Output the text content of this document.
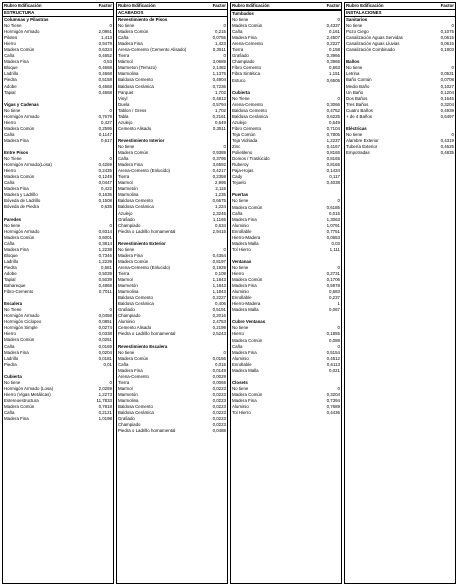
Rubro Edificación	Factor
ESTRUCTURA
Columnas y Pilastras
No Tiene	0
Hormigón Armado	2,0961
Pilotes	1,413
Hierro	0,9479
Madera Común	0,6324
Caña	0,4652
Madera Fina	0,53
Bloque	0,4668
Ladrillo	0,4668
Piedra	0,5158
Adobe	0,4668
Tapial	0,4668
Vigas y Cadenas
No tiene	0
Hormigón Armado	0,7679
Hierro	0,427
Madera Común	0,2595
Caña	0,1147
Madera Fina	0,617
Entre Pisos
No Tiene	0
Hormigón Armado(Losa)	0,4269
Hierro	0,2435
Madera Común	0,1249
Caña	0,0447
Madera Fina	0,422
Madera y Ladrillo	0,1635
Bóveda de Ladrillo	0,1508
Bóveda de Piedra	0,635
Paredes
No tiene	0
Hormigón Armado	0,9314
Madera Común	0,6001
Caña	0,3814
Madera Fina	1,2238
Bloque	0,7346
Ladrillo	1,2239
Piedra	0,681
Adobe	0,5039
Tapial	0,5039
Bahareque	0,4868
Fibro-Cemento	0,7011
Escalera
No Tiene	0
Hormigón Armado	0,0458
Hormigón Ciclopeo	0,0851
Hormigón Simple	0,0274
Hierro	0,0338
Madera Común	0,0251
Caña	0,0169
Madera Fina	0,0204
Ladrillo	0,0181
Piedra	0,01
Cubierta
No tiene	0
Hormigón Armado (Losa)	2,0259
Hierro (Vigas Metálicas)	1,2273
Estereoestructura	11,7833
Madera Común	0,7818
Caña	0,2121
Madera Fina	1,0198
Rubro Edificación	Factor
ACABADOS
Revestimiento de Pisos
No tiene	0
Madera Común	0,215
Caña	0,0755
Madera Fina	1,423
Arena-Cemento (Cemento Alisado)	0,3511
Tierra	0
Mármol	3,0689
Marmeton (Terrazo)	2,1482
Marmolina	1,1375
Baldosa Cemento	0,4904
Baldosa Cerámica	0,7236
Parquet	1,702
Vinyl	0,4812
Duela	0,5794
Tablon / Gress	1,702
Tabla	0,2161
Azulejo	0,649
Cemento Alisado	0,3511
Revestimiento Interior
No tiene	0
Madera Común	0,9389
Caña	0,3795
Madera Fina	3,6592
Arena-Cemento (Enlucido)	0,4217
Tierra	0,2359
Marmol	2,995
Marmetón	2,115
Marmolina	1,235
Baldosa Cemento	0,6675
Baldosa Cerámica	1,224
Azulejo	2,3245
Grafiado	1,1165
Champiado	0,634
Piedra o Ladrillo hornamental	2,9415
Revestimiento Exterior
No tiene	0
Madera Fina	0,4354
Madera Común	0,8197
Arena-Cemento (Enlucido)	0,1929
Tierra	0,109
Marmol	1,1843
Marmetón	1,1843
Marmolina	1,1843
Baldosa Cemento	0,2227
Baldosa Cerámica	0,406
Grafiado	0,5191
Champiado	0,2016
Aluminio	2,4753
Cemento Alisado	0,2199
Piedra o Ladrillo hornamental	2,5243
Revestimiento Escalera
No tiene	0
Madera Común	0,0156
Caña	0,015
Madera Fina	0,0149
Arena-Cemento	0,0029
Tierra	0,0069
Marmol	0,0223
Marmetón	0,0223
Marmolina	0,0223
Baldosa Cemento	0,0223
Baldosa Cerámica	0,0223
Grafiado	0,0223
Champiado	0,0223
Piedra o Ladrillo hornamental	0,0488
Rubro Edificación	Factor
Tumbados
No tiene	0
Madera Común	0,4337
Caña	0,161
Madera Fina	2,4507
Arena-Cemento	0,2227
Tierra	0,158
Grafiado	0,3966
Champiado	0,3965
Fibro Cemento	0,663
Fibra Sintética	1,151
Estuco	0,6505
Cubierta
No Tiene	0
Arena-Cemento	0,3066
Baldosa Cemento	0,4752
Baldosa Cerámica	0,6225
Azulejo	0,649
Fibro Cemento	0,7104
Teja Común	0,7805
Teja Vidriada	1,2237
Zinc	0,4167
Polietileno	0,8165
Domos / Traslúcido	0,8165
Ruberoy	0,8165
Paja-Hojas	0,1434
Cady	0,117
Tejuelo	0,4038
Puertas
No tiene	0
Madera Común	0,6185
Caña	0,015
Madera Fina	1,3063
Aluminio	1,0791
Enrollable	0,7751
Hierro-Madera	0,0653
Madera Malla	0,03
Tol Hierro	1,111
Ventanas
No tiene	0
Hierro	0,2731
Madera Común	0,1706
Madera Fina	0,5978
Aluminio	0,683
Enrollable	0,237
Hierro-Madera	1
Madera Malla	0,067
Cubre Ventanas
No tiene	0
Hierro	0,1855
Madera Común	0,088
Caña	0
Madera Fina	0,5154
Aluminio	0,4512
Enrollable	0,6113
Madera Malla	0,021
Closets
No tiene	0
Madera Común	0,3204
Madera Fina	0,7394
Aluminio	0,7689
Tol Hierro	0,4436
Rubro Edificación	Factor
INSTALACIONES
Sanitarios
No tiene	0
Pozo Ciego	0,1075
Canalización Aguas Servidas	0,0615
Canalización Aguas Lluvias	0,0615
Canalización Combinado	0,1803
Baños
No tiene	0
Letrina	0,0531
Baño Común	0,0708
Medio Baño	0,1027
Un Baño	0,1204
Dos Baños	0,1646
Tres Baños	0,3204
Cuatro Baños	0,4939
+ de 4 Baños	0,6497
Eléctricas
No tiene	0
Alambre Exterior	0,4319
Tubería Exterior	0,4625
Empotradas	0,4835
